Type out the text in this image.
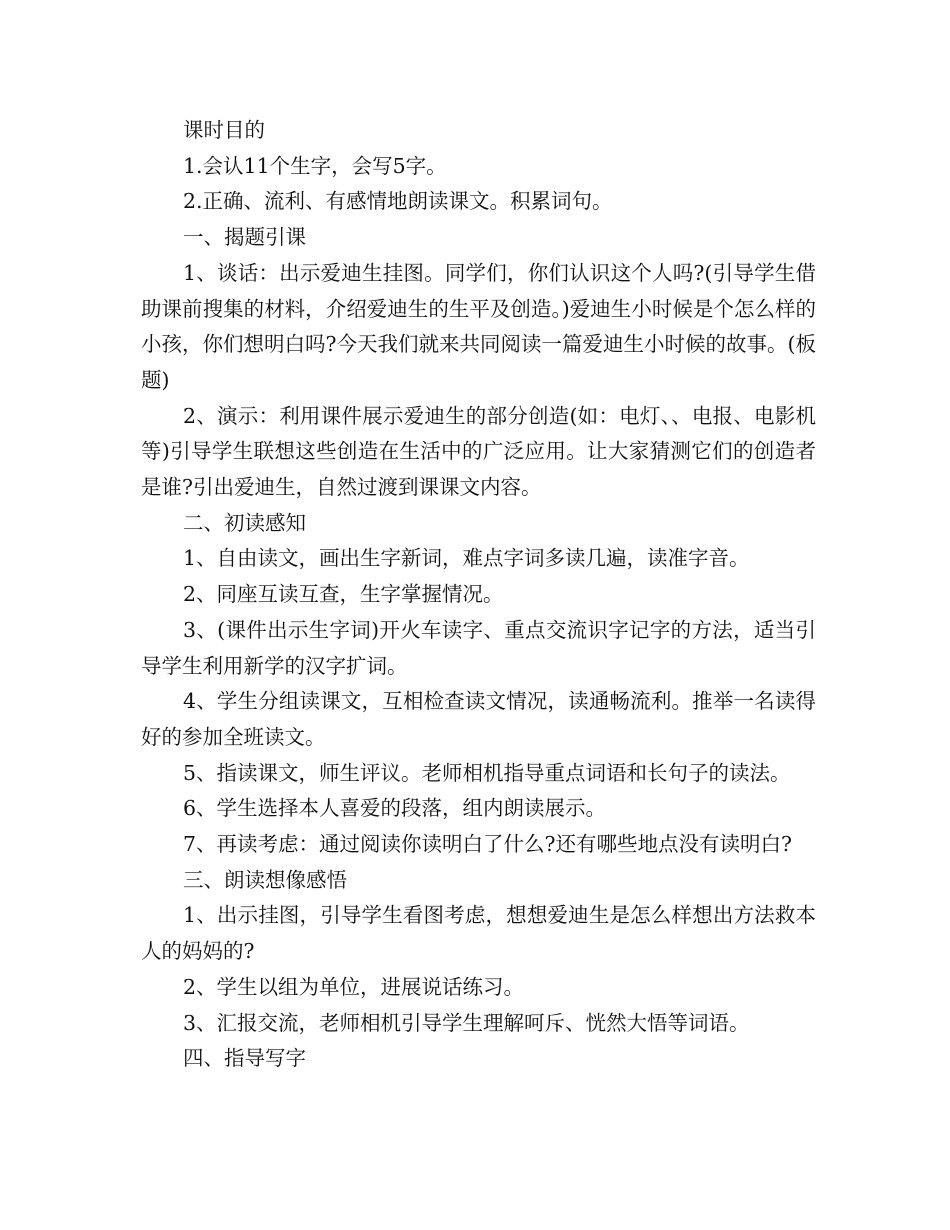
课时目的

1.会认11个生字，会写5字。

2.正确、流利、有感情地朗读课文。积累词句。

一、揭题引课

1、谈话：出示爱迪生挂图。同学们，你们认识这个人吗?(引导学生借助课前搜集的材料，介绍爱迪生的生平及创造。)爱迪生小时候是个怎么样的小孩，你们想明白吗?今天我们就来共同阅读一篇爱迪生小时候的故事。(板题)

2、演示：利用课件展示爱迪生的部分创造(如：电灯、、电报、电影机等)引导学生联想这些创造在生活中的广泛应用。让大家猜测它们的创造者是谁?引出爱迪生，自然过渡到课课文内容。

二、初读感知

1、自由读文，画出生字新词，难点字词多读几遍，读准字音。

2、同座互读互查，生字掌握情况。

3、(课件出示生字词)开火车读字、重点交流识字记字的方法，适当引导学生利用新学的汉字扩词。

4、学生分组读课文，互相检查读文情况，读通畅流利。推举一名读得好的参加全班读文。

5、指读课文，师生评议。老师相机指导重点词语和长句子的读法。

6、学生选择本人喜爱的段落，组内朗读展示。

7、再读考虑：通过阅读你读明白了什么?还有哪些地点没有读明白?

三、朗读想像感悟

1、出示挂图，引导学生看图考虑，想想爱迪生是怎么样想出方法救本人的妈妈的?

2、学生以组为单位，进展说话练习。

3、汇报交流，老师相机引导学生理解呵斥、恍然大悟等词语。

四、指导写字
